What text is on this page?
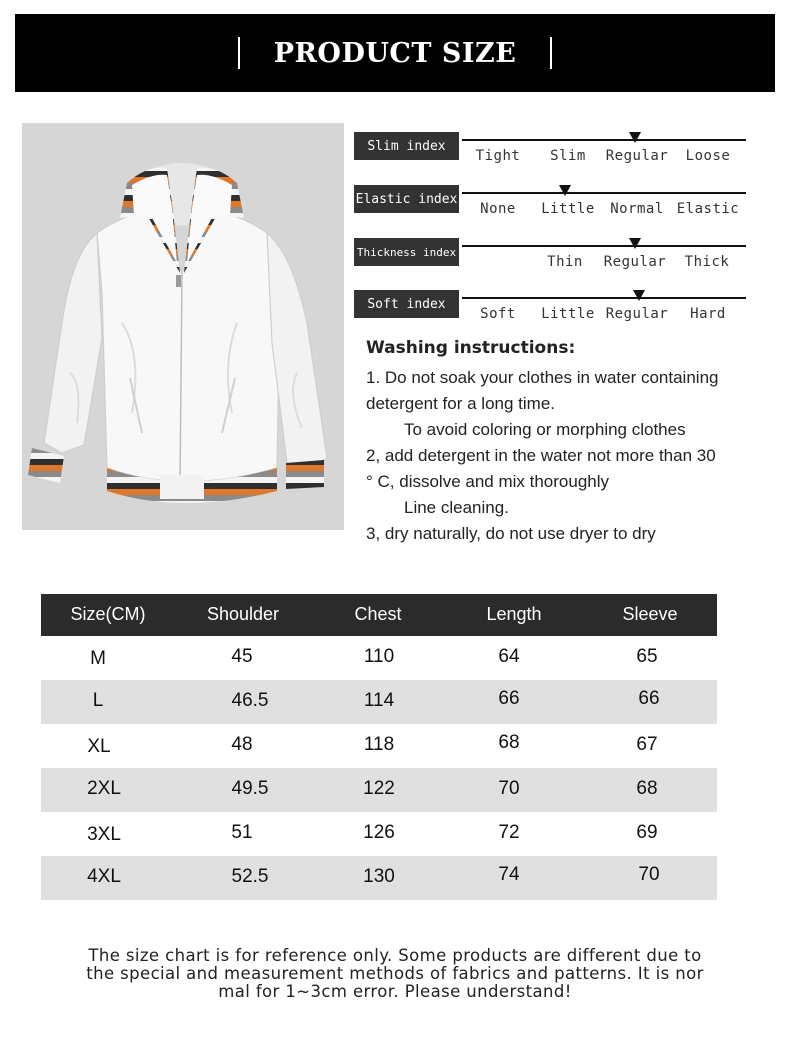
PRODUCT SIZE
Slim index
Tight	Slim	Regular	Loose
Elastic index
None	Little	Normal Elastic
Thickness index
Thin	Regular	Thick
Soft index
Soft	Little Regular	Hard
Washing instructions:
1. Do not soak your clothes in water containing
detergent for a long time.
To avoid coloring or morphing clothes
2, add detergent in the water not more than 30
° C, dissolve and mix thoroughly
Line cleaning.
3, dry naturally, do not use dryer to dry
Size(CM)	Shoulder	Chest	Length	Sleeve
M	45	110	64	65
L	46.5	114	66	66
XL	48	118	68	67
2XL	49.5	122	70	68
3XL	51	126	72	69
4XL	52.5	130	74	70
The size chart is for reference only. Some products are different due to
the special and measurement methods of fabrics and patterns. It is nor
mal for 1~3cm error. Please understand!
